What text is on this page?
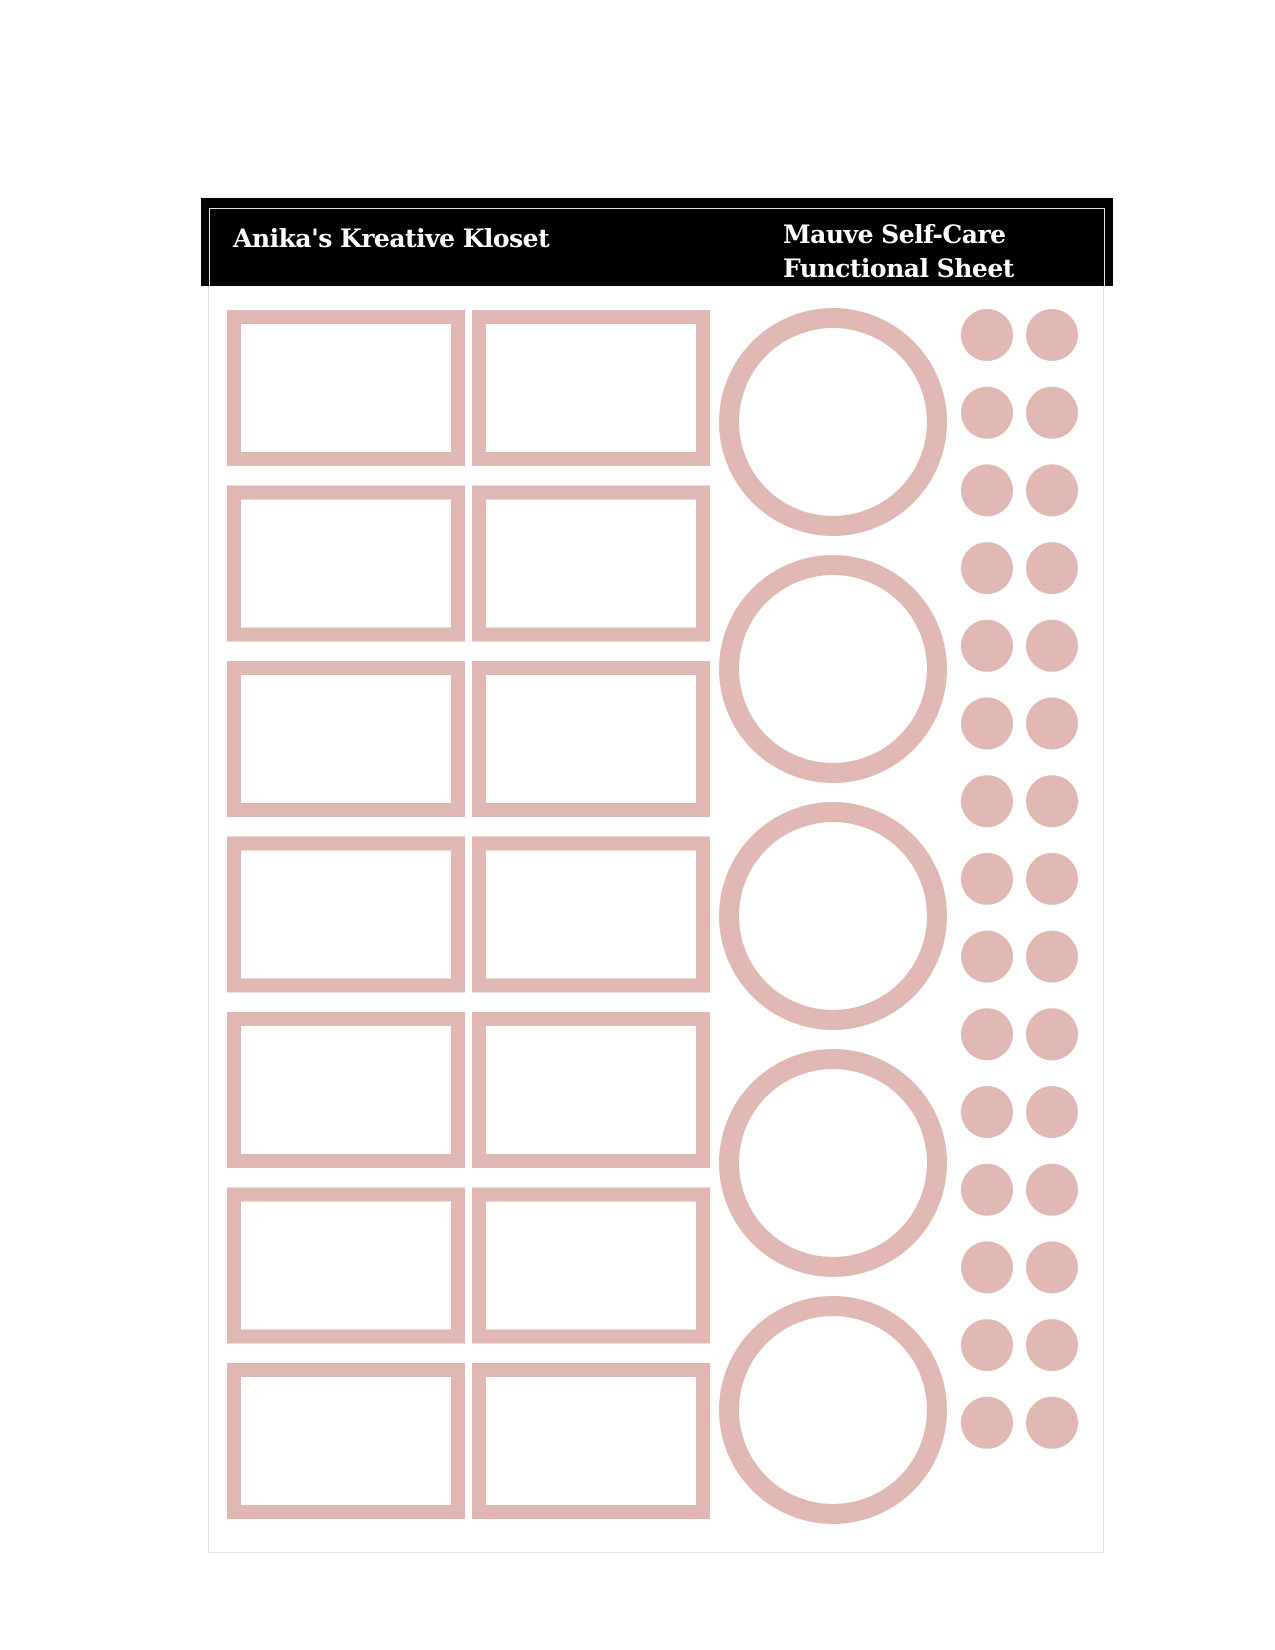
Anika's Kreative Kloset	Mauve Self-Care
Functional Sheet
